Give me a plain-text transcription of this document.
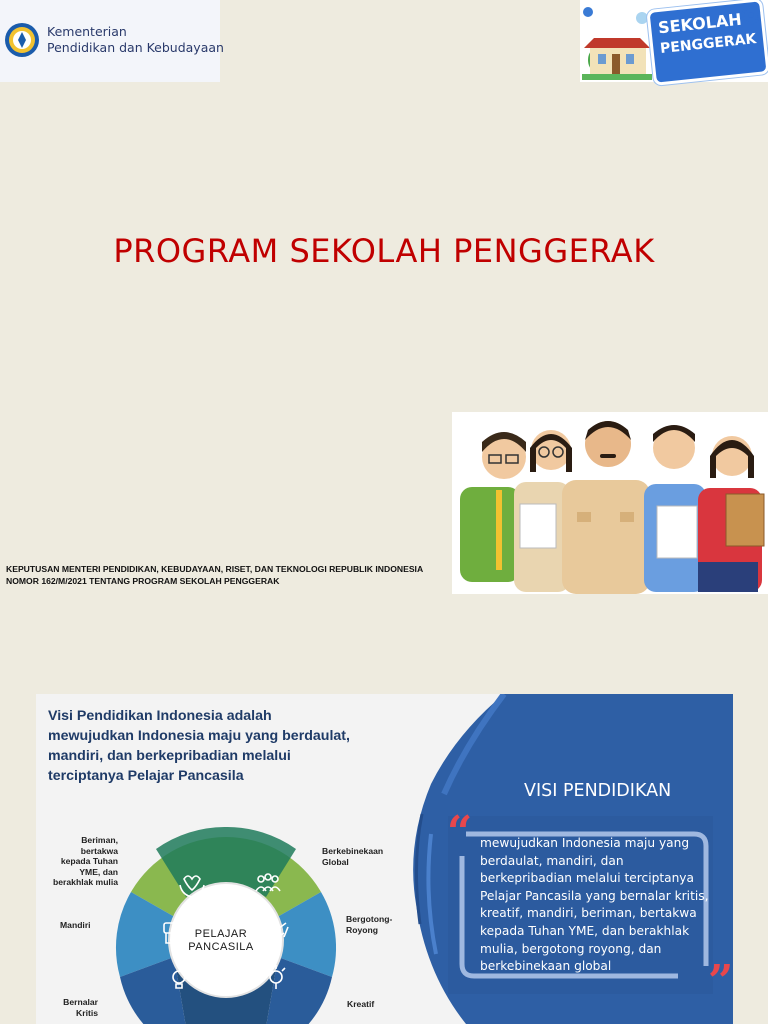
Kementerian
Pendidikan dan Kebudayaan
SEKOLAH
PENGGERAK
PROGRAM SEKOLAH PENGGERAK
KEPUTUSAN MENTERI PENDIDIKAN, KEBUDAYAAN, RISET, DAN TEKNOLOGI REPUBLIK INDONESIA
NOMOR 162/M/2021 TENTANG PROGRAM SEKOLAH PENGGERAK
Visi Pendidikan Indonesia adalah
mewujudkan Indonesia maju yang berdaulat,
mandiri, dan berkepribadian melalui
terciptanya Pelajar Pancasila
PELAJAR
PANCASILA
Beriman,
bertakwa
kepada Tuhan
YME, dan
berakhlak mulia
Mandiri
Bernalar
Kritis
Berkebinekaan
Global
Bergotong-
Royong
Kreatif
VISI PENDIDIKAN
“
”
mewujudkan Indonesia maju yang
berdaulat, mandiri, dan
berkepribadian melalui terciptanya
Pelajar Pancasila yang bernalar kritis,
kreatif, mandiri, beriman, bertakwa
kepada Tuhan YME, dan berakhlak
mulia, bergotong royong, dan
berkebinekaan global
